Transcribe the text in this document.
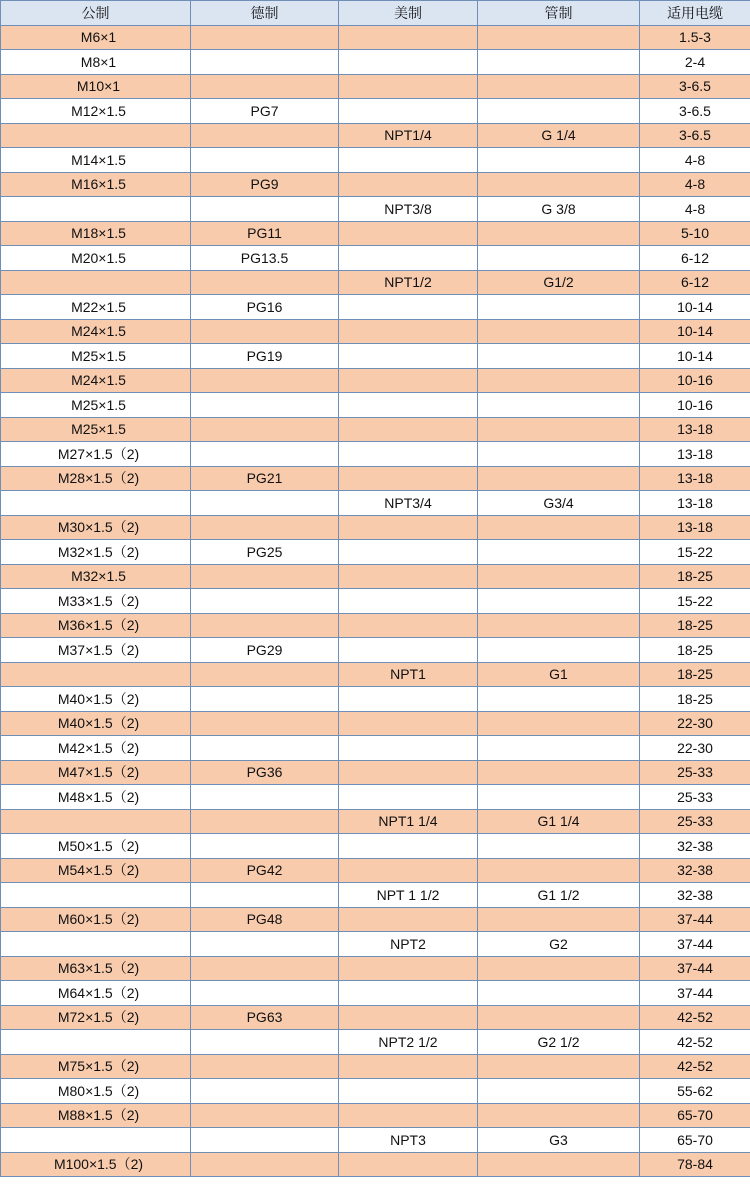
公制	德制	美制	管制	适用电缆
M6×1				1.5-3
M8×1				2-4
M10×1				3-6.5
M12×1.5	PG7			3-6.5
		NPT1/4	G 1/4	3-6.5
M14×1.5				4-8
M16×1.5	PG9			4-8
		NPT3/8	G 3/8	4-8
M18×1.5	PG11			5-10
M20×1.5	PG13.5			6-12
		NPT1/2	G1/2	6-12
M22×1.5	PG16			10-14
M24×1.5				10-14
M25×1.5	PG19			10-14
M24×1.5				10-16
M25×1.5				10-16
M25×1.5				13-18
M27×1.5（2)				13-18
M28×1.5（2)	PG21			13-18
		NPT3/4	G3/4	13-18
M30×1.5（2)				13-18
M32×1.5（2)	PG25			15-22
M32×1.5				18-25
M33×1.5（2)				15-22
M36×1.5（2)				18-25
M37×1.5（2)	PG29			18-25
		NPT1	G1	18-25
M40×1.5（2)				18-25
M40×1.5（2)				22-30
M42×1.5（2)				22-30
M47×1.5（2)	PG36			25-33
M48×1.5（2)				25-33
		NPT1 1/4	G1 1/4	25-33
M50×1.5（2)				32-38
M54×1.5（2)	PG42			32-38
		NPT 1 1/2	G1 1/2	32-38
M60×1.5（2)	PG48			37-44
		NPT2	G2	37-44
M63×1.5（2)				37-44
M64×1.5（2)				37-44
M72×1.5（2)	PG63			42-52
		NPT2 1/2	G2 1/2	42-52
M75×1.5（2)				42-52
M80×1.5（2)				55-62
M88×1.5（2)				65-70
		NPT3	G3	65-70
M100×1.5（2)				78-84
